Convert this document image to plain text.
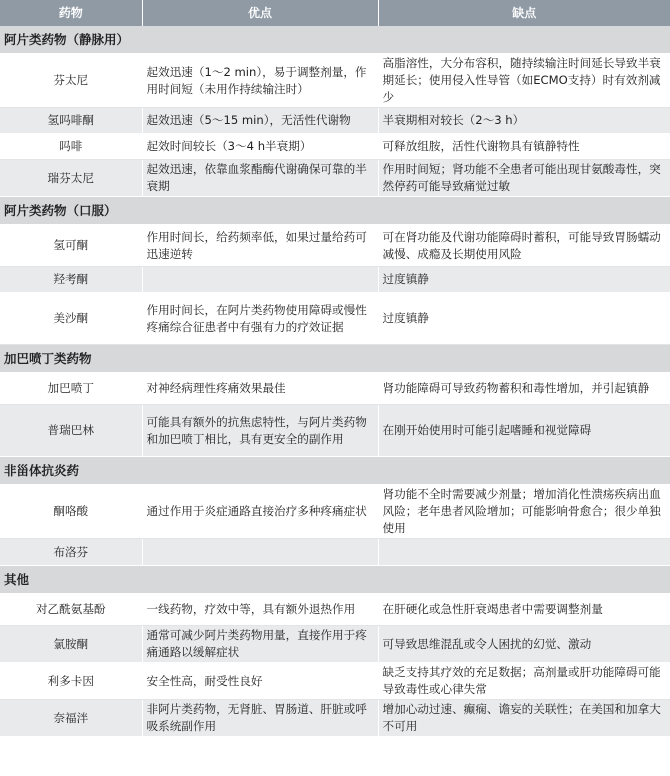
药物	优点	缺点
阿片类药物（静脉用）		
芬太尼	起效迅速（1～2 min），易于调整剂量，作用时间短（未用作持续输注时）	高脂溶性，大分布容积，随持续输注时间延长导致半衰期延长；使用侵入性导管（如ECMO支持）时有效剂减少
氢吗啡酮	起效迅速（5～15 min），无活性代谢物	半衰期相对较长（2～3 h）
吗啡	起效时间较长（3～4 h半衰期）	可释放组胺，活性代谢物具有镇静特性
瑞芬太尼	起效迅速，依靠血浆酯酶代谢确保可靠的半衰期	作用时间短；肾功能不全患者可能出现甘氨酸毒性，突然停药可能导致痛觉过敏
阿片类药物（口服）		
氢可酮	作用时间长，给药频率低，如果过量给药可迅速逆转	可在肾功能及代谢功能障碍时蓄积，可能导致胃肠蠕动减慢、成瘾及长期使用风险
羟考酮		过度镇静
美沙酮	作用时间长，在阿片类药物使用障碍或慢性疼痛综合征患者中有强有力的疗效证据	过度镇静
加巴喷丁类药物		
加巴喷丁	对神经病理性疼痛效果最佳	肾功能障碍可导致药物蓄积和毒性增加，并引起镇静
普瑞巴林	可能具有额外的抗焦虑特性，与阿片类药物和加巴喷丁相比，具有更安全的副作用	在刚开始使用时可能引起嗜睡和视觉障碍
非甾体抗炎药		
酮咯酸	通过作用于炎症通路直接治疗多种疼痛症状	肾功能不全时需要减少剂量；增加消化性溃疡疾病出血风险；老年患者风险增加；可能影响骨愈合；很少单独使用
布洛芬		
其他		
对乙酰氨基酚	一线药物，疗效中等，具有额外退热作用	在肝硬化或急性肝衰竭患者中需要调整剂量
氯胺酮	通常可减少阿片类药物用量，直接作用于疼痛通路以缓解症状	可导致思维混乱或令人困扰的幻觉、激动
利多卡因	安全性高，耐受性良好	缺乏支持其疗效的充足数据；高剂量或肝功能障碍可能导致毒性或心律失常
奈福泮	非阿片类药物，无肾脏、胃肠道、肝脏或呼吸系统副作用	增加心动过速、癫痫、谵妄的关联性；在美国和加拿大不可用
